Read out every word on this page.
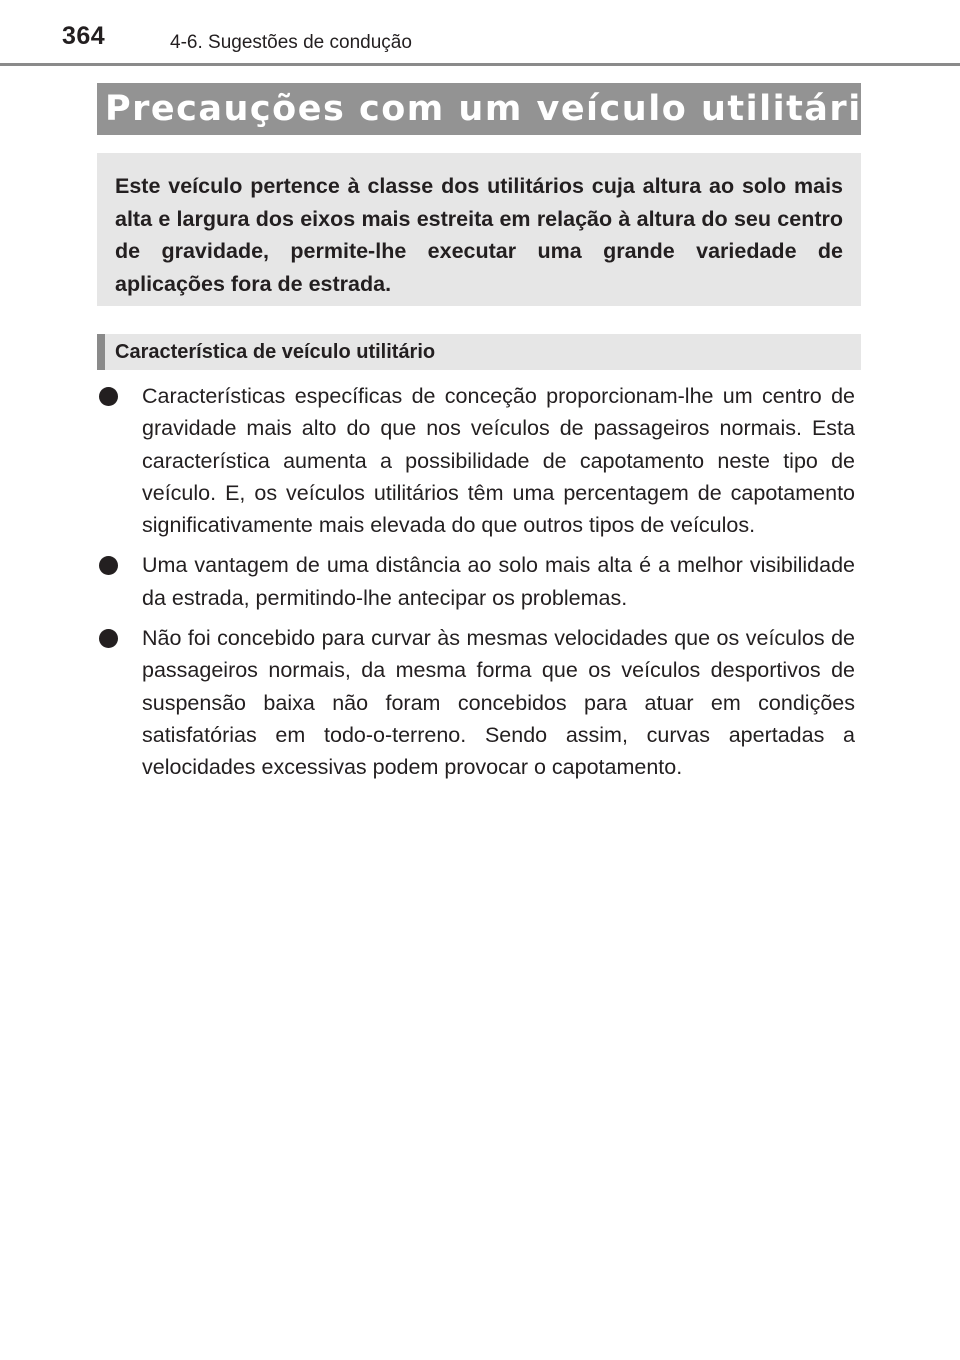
364	4-6. Sugestões de condução
Precauções com um veículo utilitário
Este veículo pertence à classe dos utilitários cuja altura ao solo mais alta e largura dos eixos mais estreita em relação à altura do seu centro de gravidade, permite-lhe executar uma grande variedade de aplicações fora de estrada.
Característica de veículo utilitário
Características específicas de conceção proporcionam-lhe um centro de gravidade mais alto do que nos veículos de passageiros normais. Esta característica aumenta a possibilidade de capotamento neste tipo de veículo. E, os veículos utilitários têm uma percentagem de capotamento significativamente mais elevada do que outros tipos de veículos.
Uma vantagem de uma distância ao solo mais alta é a melhor visibilidade da estrada, permitindo-lhe antecipar os problemas.
Não foi concebido para curvar às mesmas velocidades que os veículos de passageiros normais, da mesma forma que os veículos desportivos de suspensão baixa não foram concebidos para atuar em condições satisfatórias em todo-o-terreno. Sendo assim, curvas apertadas a velocidades excessivas podem provocar o capotamento.
